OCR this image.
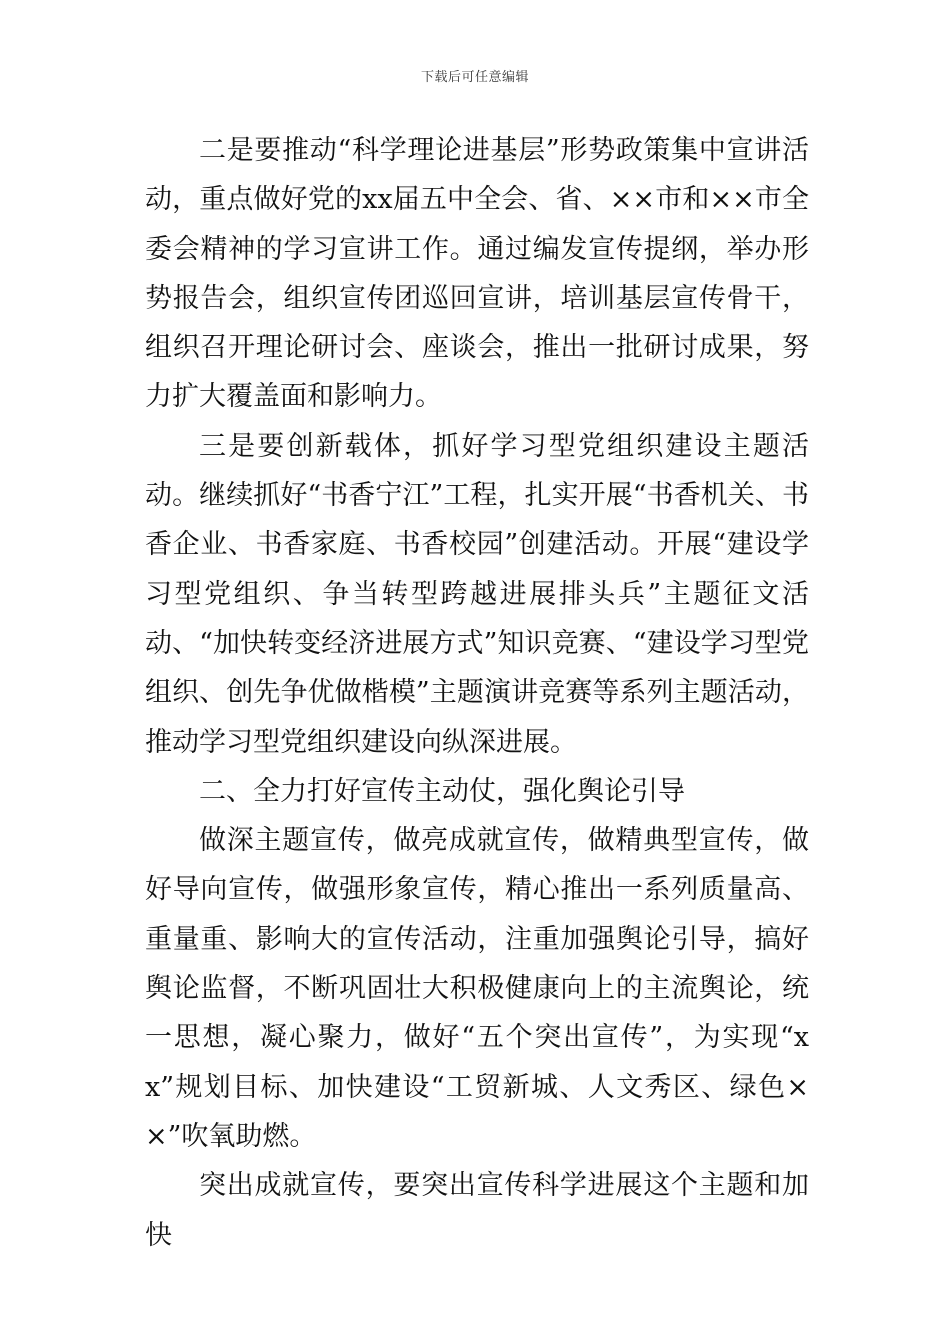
下载后可任意编辑

二是要推动“科学理论进基层”形势政策集中宣讲活动，重点做好党的xx届五中全会、省、××市和××市全委会精神的学习宣讲工作。通过编发宣传提纲，举办形势报告会，组织宣传团巡回宣讲，培训基层宣传骨干，组织召开理论研讨会、座谈会，推出一批研讨成果，努力扩大覆盖面和影响力。

三是要创新载体，抓好学习型党组织建设主题活动。继续抓好“书香宁江”工程，扎实开展“书香机关、书香企业、书香家庭、书香校园”创建活动。开展“建设学习型党组织、争当转型跨越进展排头兵”主题征文活动、“加快转变经济进展方式”知识竞赛、“建设学习型党组织、创先争优做楷模”主题演讲竞赛等系列主题活动，推动学习型党组织建设向纵深进展。

二、全力打好宣传主动仗，强化舆论引导

做深主题宣传，做亮成就宣传，做精典型宣传，做好导向宣传，做强形象宣传，精心推出一系列质量高、重量重、影响大的宣传活动，注重加强舆论引导，搞好舆论监督，不断巩固壮大积极健康向上的主流舆论，统一思想，凝心聚力，做好“五个突出宣传”，为实现“xx”规划目标、加快建设“工贸新城、人文秀区、绿色××”吹氧助燃。

突出成就宣传，要突出宣传科学进展这个主题和加快
